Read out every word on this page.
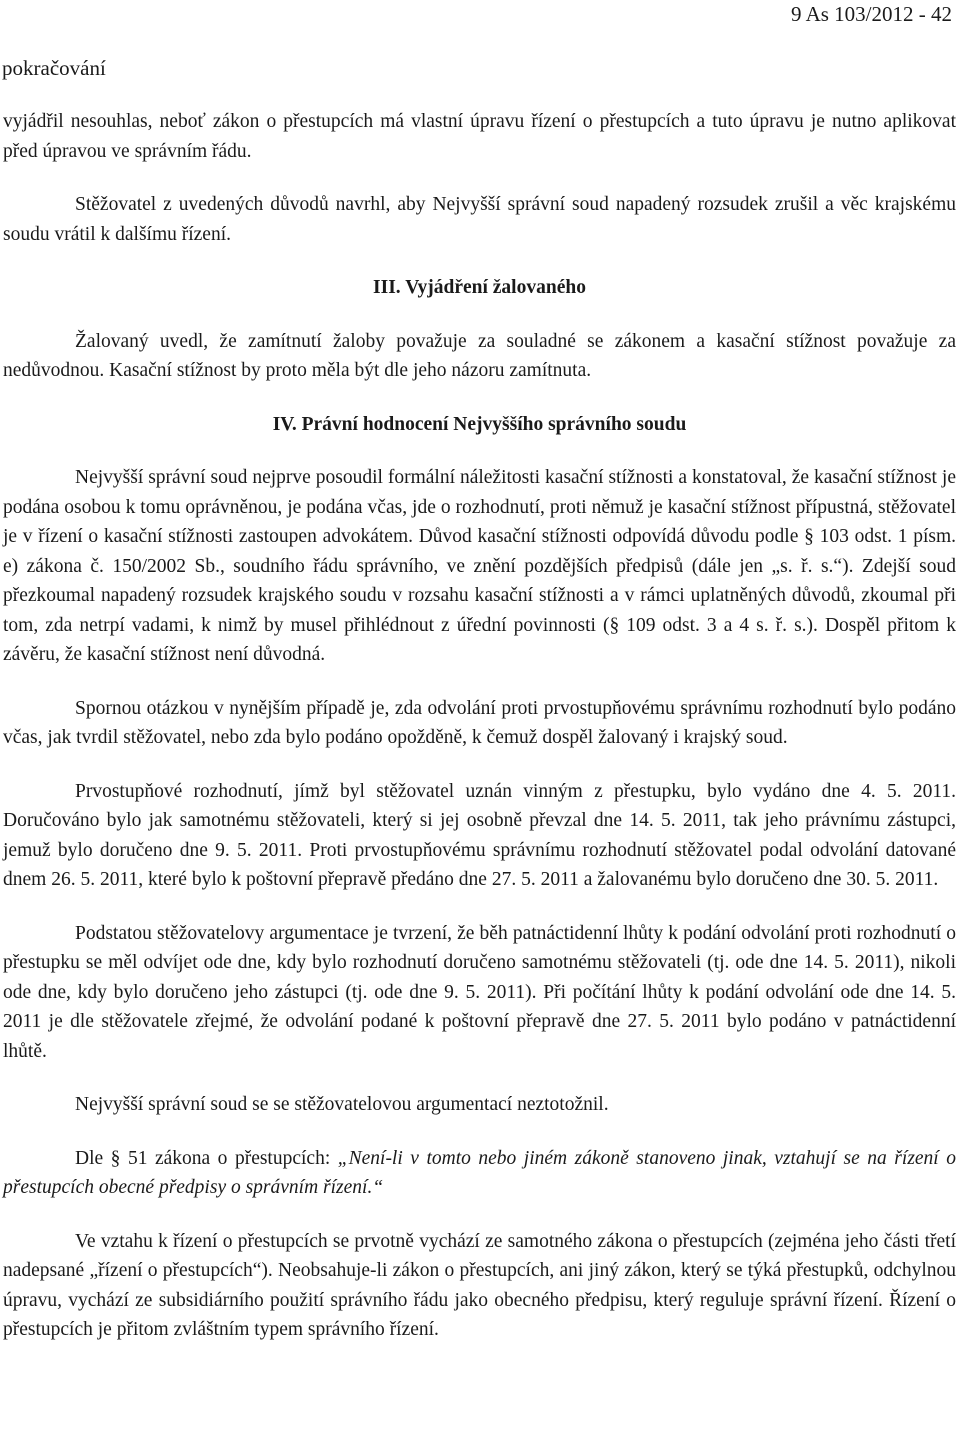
9 As 103/2012 - 42
pokračování

vyjádřil nesouhlas, neboť zákon o přestupcích má vlastní úpravu řízení o přestupcích a tuto úpravu je nutno aplikovat před úpravou ve správním řádu.

Stěžovatel z uvedených důvodů navrhl, aby Nejvyšší správní soud napadený rozsudek zrušil a věc krajskému soudu vrátil k dalšímu řízení.

III. Vyjádření žalovaného

Žalovaný uvedl, že zamítnutí žaloby považuje za souladné se zákonem a kasační stížnost považuje za nedůvodnou. Kasační stížnost by proto měla být dle jeho názoru zamítnuta.

IV. Právní hodnocení Nejvyššího správního soudu

Nejvyšší správní soud nejprve posoudil formální náležitosti kasační stížnosti a konstatoval, že kasační stížnost je podána osobou k tomu oprávněnou, je podána včas, jde o rozhodnutí, proti němuž je kasační stížnost přípustná, stěžovatel je v řízení o kasační stížnosti zastoupen advokátem. Důvod kasační stížnosti odpovídá důvodu podle § 103 odst. 1 písm. e) zákona č. 150/2002 Sb., soudního řádu správního, ve znění pozdějších předpisů (dále jen „s. ř. s.“). Zdejší soud přezkoumal napadený rozsudek krajského soudu v rozsahu kasační stížnosti a v rámci uplatněných důvodů, zkoumal při tom, zda netrpí vadami, k nimž by musel přihlédnout z úřední povinnosti (§ 109 odst. 3 a 4 s. ř. s.). Dospěl přitom k závěru, že kasační stížnost není důvodná.

Spornou otázkou v nynějším případě je, zda odvolání proti prvostupňovému správnímu rozhodnutí bylo podáno včas, jak tvrdil stěžovatel, nebo zda bylo podáno opožděně, k čemuž dospěl žalovaný i krajský soud.

Prvostupňové rozhodnutí, jímž byl stěžovatel uznán vinným z přestupku, bylo vydáno dne 4. 5. 2011. Doručováno bylo jak samotnému stěžovateli, který si jej osobně převzal dne 14. 5. 2011, tak jeho právnímu zástupci, jemuž bylo doručeno dne 9. 5. 2011. Proti prvostupňovému správnímu rozhodnutí stěžovatel podal odvolání datované dnem 26. 5. 2011, které bylo k poštovní přepravě předáno dne 27. 5. 2011 a žalovanému bylo doručeno dne 30. 5. 2011.

Podstatou stěžovatelovy argumentace je tvrzení, že běh patnáctidenní lhůty k podání odvolání proti rozhodnutí o přestupku se měl odvíjet ode dne, kdy bylo rozhodnutí doručeno samotnému stěžovateli (tj. ode dne 14. 5. 2011), nikoli ode dne, kdy bylo doručeno jeho zástupci (tj. ode dne 9. 5. 2011). Při počítání lhůty k podání odvolání ode dne 14. 5. 2011 je dle stěžovatele zřejmé, že odvolání podané k poštovní přepravě dne 27. 5. 2011 bylo podáno v patnáctidenní lhůtě.

Nejvyšší správní soud se se stěžovatelovou argumentací neztotožnil.

Dle § 51 zákona o přestupcích: „Není-li v tomto nebo jiném zákoně stanoveno jinak, vztahují se na řízení o přestupcích obecné předpisy o správním řízení.“

Ve vztahu k řízení o přestupcích se prvotně vychází ze samotného zákona o přestupcích (zejména jeho části třetí nadepsané „řízení o přestupcích“). Neobsahuje-li zákon o přestupcích, ani jiný zákon, který se týká přestupků, odchylnou úpravu, vychází ze subsidiárního použití správního řádu jako obecného předpisu, který reguluje správní řízení. Řízení o přestupcích je přitom zvláštním typem správního řízení.
